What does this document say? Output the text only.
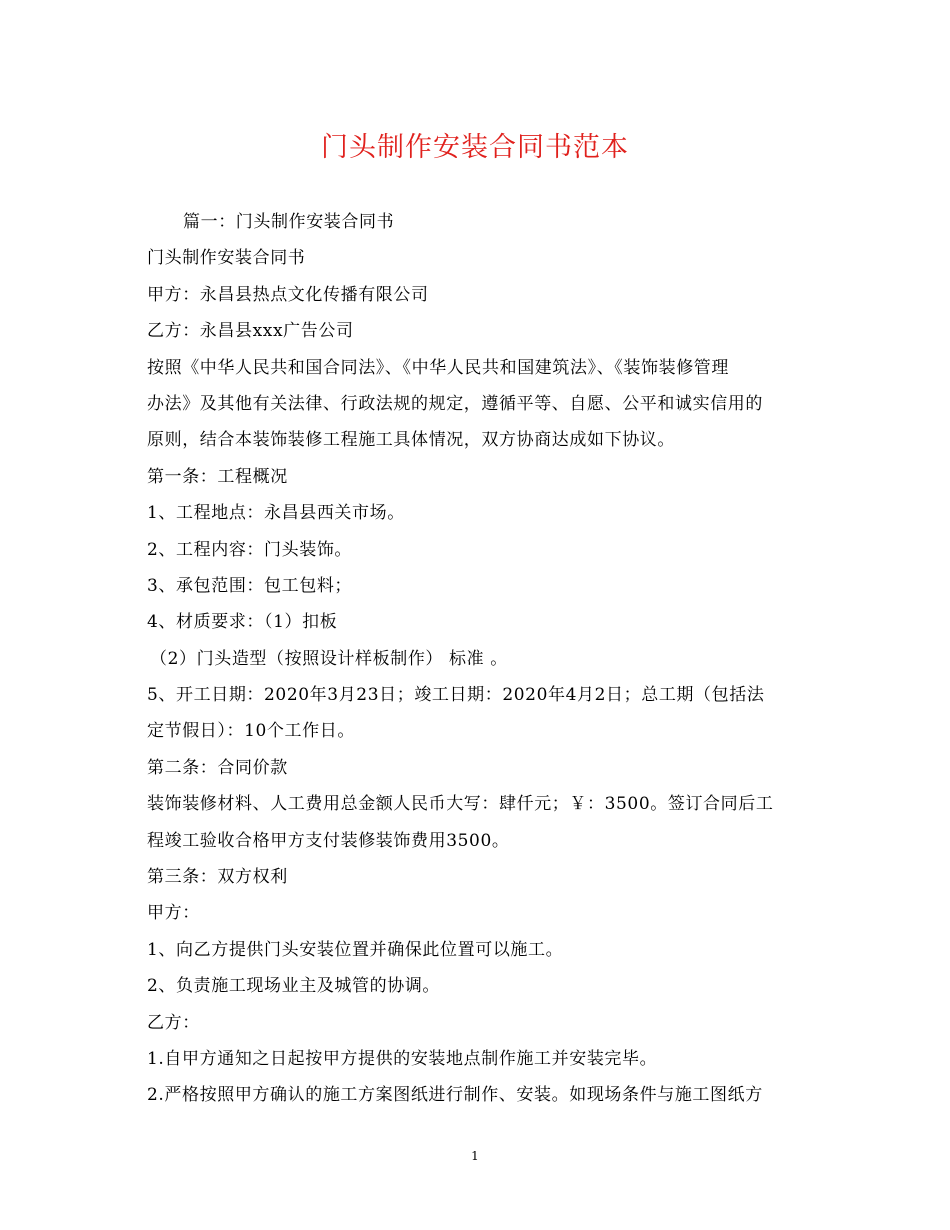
门头制作安装合同书范本
篇一：门头制作安装合同书
门头制作安装合同书
甲方：永昌县热点文化传播有限公司
乙方：永昌县xxx广告公司
按照《中华人民共和国合同法》、《中华人民共和国建筑法》、《装饰装修管理
办法》及其他有关法律、行政法规的规定，遵循平等、自愿、公平和诚实信用的
原则，结合本装饰装修工程施工具体情况，双方协商达成如下协议。
第一条：工程概况
1、工程地点：永昌县西关市场。
2、工程内容：门头装饰。
3、承包范围：包工包料；
4、材质要求：（1）扣板
（2）门头造型（按照设计样板制作） 标准 。
5、开工日期：2020年3月23日；竣工日期：2020年4月2日；总工期（包括法
定节假日）：10个工作日。
第二条：合同价款
装饰装修材料、人工费用总金额人民币大写：肆仟元；￥：3500。签订合同后工
程竣工验收合格甲方支付装修装饰费用3500。
第三条：双方权利
甲方：
1、向乙方提供门头安装位置并确保此位置可以施工。
2、负责施工现场业主及城管的协调。
乙方：
1.自甲方通知之日起按甲方提供的安装地点制作施工并安装完毕。
2.严格按照甲方确认的施工方案图纸进行制作、安装。如现场条件与施工图纸方
1
